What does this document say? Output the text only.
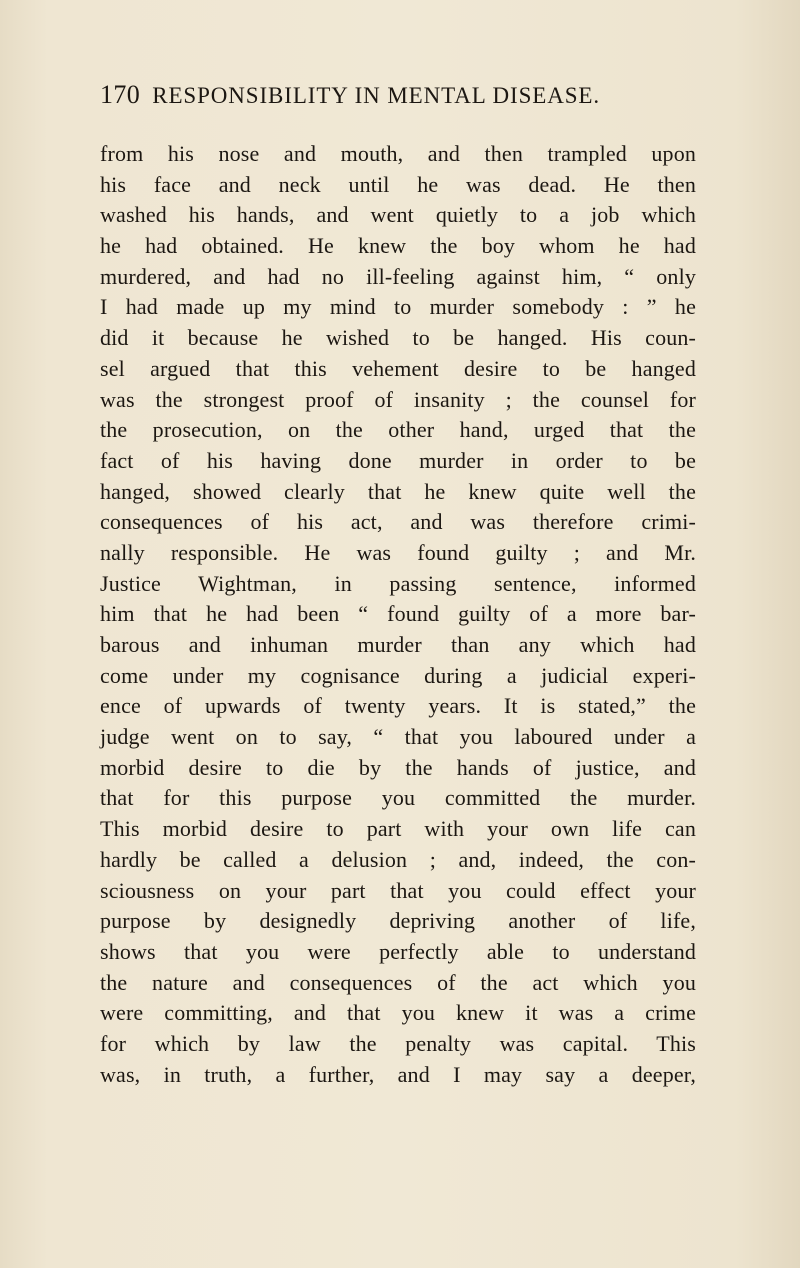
170 RESPONSIBILITY IN MENTAL DISEASE.
from his nose and mouth, and then trampled upon
his face and neck until he was dead. He then
washed his hands, and went quietly to a job which
he had obtained. He knew the boy whom he had
murdered, and had no ill-feeling against him, “ only
I had made up my mind to murder somebody : ” he
did it because he wished to be hanged. His coun-
sel argued that this vehement desire to be hanged
was the strongest proof of insanity ; the counsel for
the prosecution, on the other hand, urged that the
fact of his having done murder in order to be
hanged, showed clearly that he knew quite well the
consequences of his act, and was therefore crimi-
nally responsible. He was found guilty ; and Mr.
Justice Wightman, in passing sentence, informed
him that he had been “ found guilty of a more bar-
barous and inhuman murder than any which had
come under my cognisance during a judicial experi-
ence of upwards of twenty years. It is stated,” the
judge went on to say, “ that you laboured under a
morbid desire to die by the hands of justice, and
that for this purpose you committed the murder.
This morbid desire to part with your own life can
hardly be called a delusion ; and, indeed, the con-
sciousness on your part that you could effect your
purpose by designedly depriving another of life,
shows that you were perfectly able to understand
the nature and consequences of the act which you
were committing, and that you knew it was a crime
for which by law the penalty was capital. This
was, in truth, a further, and I may say a deeper,
